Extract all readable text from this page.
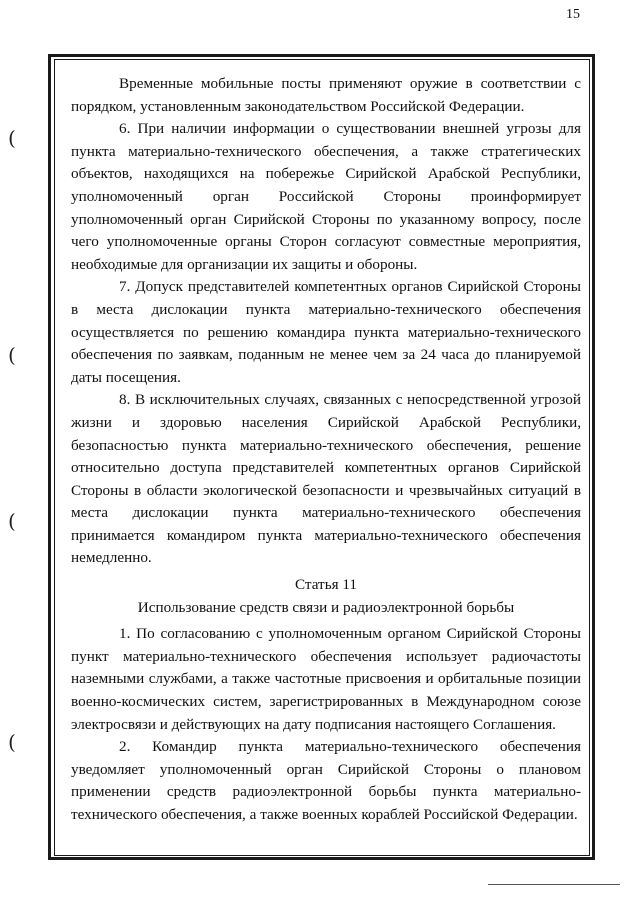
15
(
(
(
(

Временные мобильные посты применяют оружие в соответствии с порядком, установленным законодательством Российской Федерации.

6. При наличии информации о существовании внешней угрозы для пункта материально-технического обеспечения, а также стратегических объектов, находящихся на побережье Сирийской Арабской Республики, уполномоченный орган Российской Стороны проинформирует уполномоченный орган Сирийской Стороны по указанному вопросу, после чего уполномоченные органы Сторон согласуют совместные мероприятия, необходимые для организации их защиты и обороны.

7. Допуск представителей компетентных органов Сирийской Стороны в места дислокации пункта материально-технического обеспечения осуществляется по решению командира пункта материально-технического обеспечения по заявкам, поданным не менее чем за 24 часа до планируемой даты посещения.

8. В исключительных случаях, связанных с непосредственной угрозой жизни и здоровью населения Сирийской Арабской Республики, безопасностью пункта материально-технического обеспечения, решение относительно доступа представителей компетентных органов Сирийской Стороны в области экологической безопасности и чрезвычайных ситуаций в места дислокации пункта материально-технического обеспечения принимается командиром пункта материально-технического обеспечения немедленно.

Статья 11

Использование средств связи и радиоэлектронной борьбы

1. По согласованию с уполномоченным органом Сирийской Стороны пункт материально-технического обеспечения использует радиочастоты наземными службами, а также частотные присвоения и орбитальные позиции военно-космических систем, зарегистрированных в Международном союзе электросвязи и действующих на дату подписания настоящего Соглашения.

2. Командир пункта материально-технического обеспечения уведомляет уполномоченный орган Сирийской Стороны о плановом применении средств радиоэлектронной борьбы пункта материально-технического обеспечения, а также военных кораблей Российской Федерации.
